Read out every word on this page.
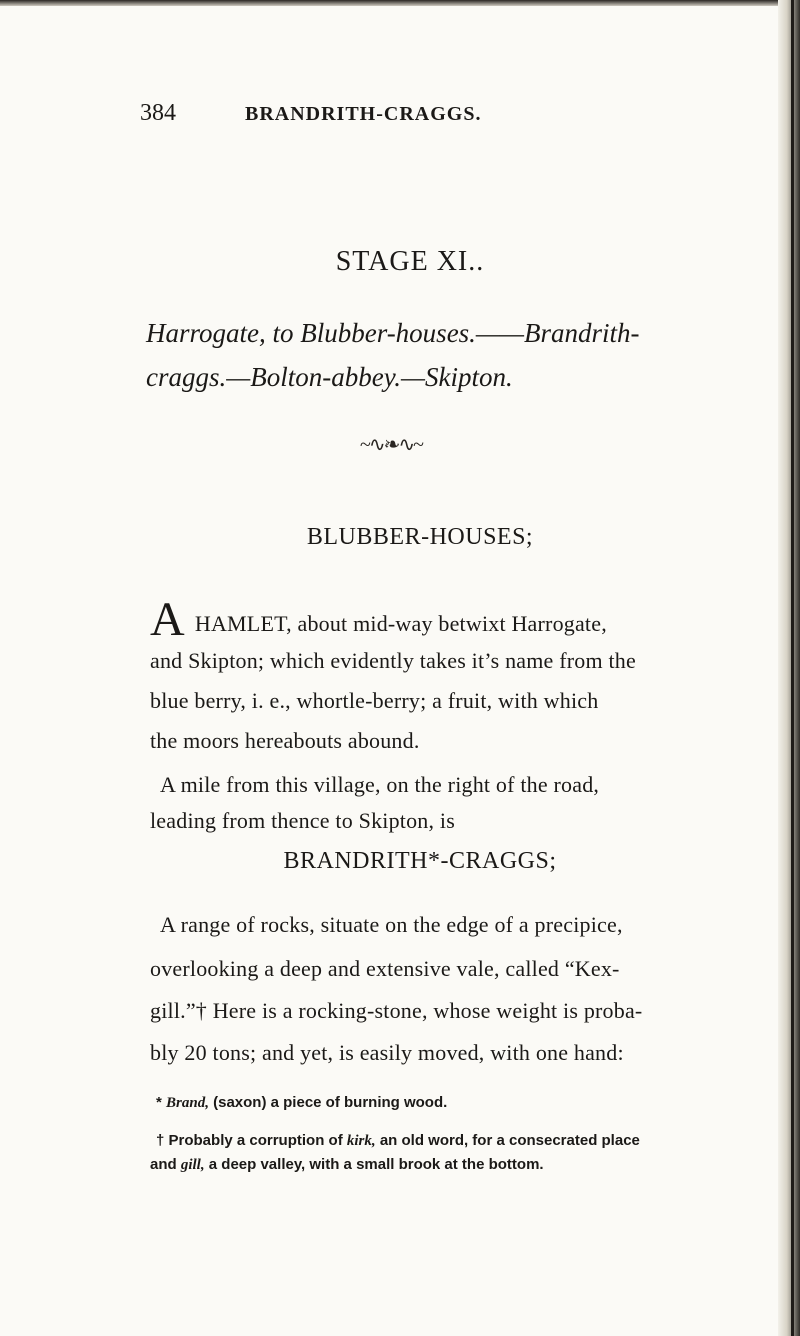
384	BRANDRITH-CRAGGS.
STAGE XI..
Harrogate, to Blubber-houses.——Brandrith-
craggs.—Bolton-abbey.—Skipton.
~∿❧∿~
BLUBBER-HOUSES;
AHAMLET, about mid-way betwixt Harrogate,
and Skipton; which evidently takes it’s name from the
blue berry, i. e., whortle-berry; a fruit, with which
the moors hereabouts abound.
A mile from this village, on the right of the road,
leading from thence to Skipton, is
BRANDRITH*-CRAGGS;
A range of rocks, situate on the edge of a precipice,
overlooking a deep and extensive vale, called “Kex-
gill.”† Here is a rocking-stone, whose weight is proba-
bly 20 tons; and yet, is easily moved, with one hand:
* Brand, (saxon) a piece of burning wood.
† Probably a corruption of kirk, an old word, for a consecrated place
and gill, a deep valley, with a small brook at the bottom.
